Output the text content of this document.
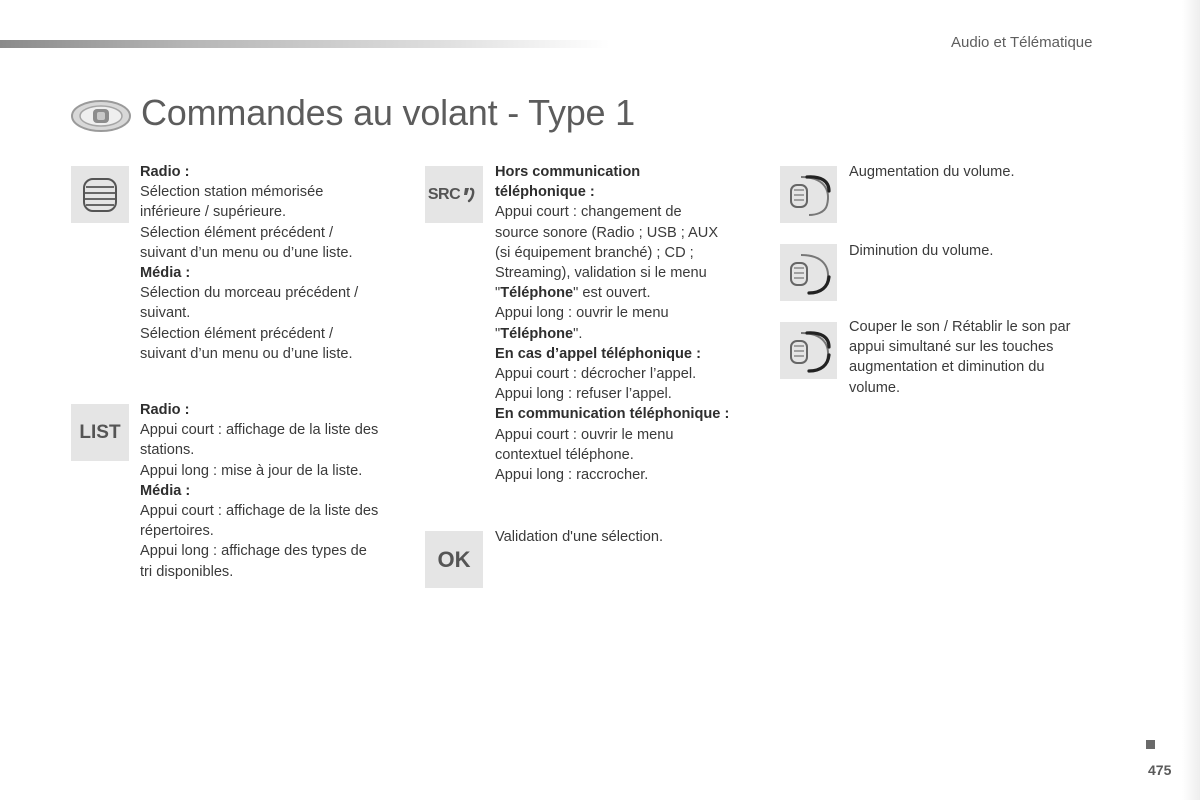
Audio et Télématique
Commandes au volant - Type 1

Radio :

Sélection station mémorisée

inférieure / supérieure.

Sélection élément précédent /

suivant d’un menu ou d’une liste.

Média :

Sélection du morceau précédent /

suivant.

Sélection élément précédent /

suivant d’un menu ou d’une liste.

LIST

Radio :

Appui court : affichage de la liste des

stations.

Appui long : mise à jour de la liste.

Média :

Appui court : affichage de la liste des

répertoires.

Appui long : affichage des types de

tri disponibles.

SRC

Hors communication

téléphonique :

Appui court : changement de

source sonore (Radio ; USB ; AUX

(si équipement branché) ; CD ;

Streaming), validation si le menu

"Téléphone" est ouvert.

Appui long : ouvrir le menu

"Téléphone".

En cas d’appel téléphonique :

Appui court : décrocher l’appel.

Appui long : refuser l’appel.

En communication téléphonique :

Appui court : ouvrir le menu

contextuel téléphone.

Appui long : raccrocher.

OK

Validation d'une sélection.

Augmentation du volume.

Diminution du volume.

Couper le son / Rétablir le son par

appui simultané sur les touches

augmentation et diminution du

volume.

475
